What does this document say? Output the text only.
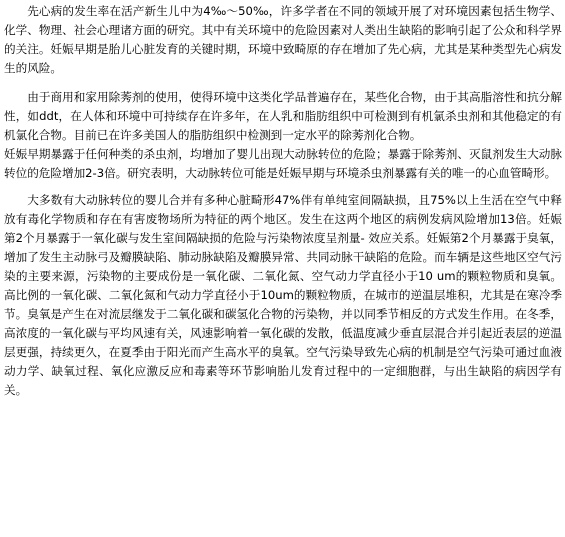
先心病的发生率在活产新生儿中为4‰～50‰，许多学者在不同的领域开展了对环境因素包括生物学、化学、物理、社会心理诸方面的研究。其中有关环境中的危险因素对人类出生缺陷的影响引起了公众和科学界的关注。妊娠早期是胎儿心脏发育的关键时期，环境中致畸原的存在增加了先心病，尤其是某种类型先心病发生的风险。

由于商用和家用除莠剂的使用，使得环境中这类化学品普遍存在，某些化合物，由于其高脂溶性和抗分解性，如ddt，在人体和环境中可持续存在许多年，在人乳和脂肪组织中可检测到有机氯杀虫剂和其他稳定的有机氯化合物。目前已在许多美国人的脂肪组织中检测到一定水平的除莠剂化合物。

妊娠早期暴露于任何种类的杀虫剂，均增加了婴儿出现大动脉转位的危险；暴露于除莠剂、灭鼠剂发生大动脉转位的危险增加2-3倍。研究表明，大动脉转位可能是妊娠早期与环境杀虫剂暴露有关的唯一的心血管畸形。

大多数有大动脉转位的婴儿合并有多种心脏畸形47%伴有单纯室间隔缺损，且75%以上生活在空气中释放有毒化学物质和存在有害废物场所为特征的两个地区。发生在这两个地区的病例发病风险增加13倍。妊娠第2个月暴露于一氧化碳与发生室间隔缺损的危险与污染物浓度呈剂量- 效应关系。妊娠第2个月暴露于臭氧，增加了发生主动脉弓及瓣膜缺陷、肺动脉缺陷及瓣膜异常、共同动脉干缺陷的危险。而车辆是这些地区空气污染的主要来源，污染物的主要成份是一氧化碳、二氧化氮、空气动力学直径小于10 um的颗粒物质和臭氧。高比例的一氧化碳、二氧化氮和气动力学直径小于10um的颗粒物质，在城市的逆温层堆积，尤其是在寒冷季节。臭氧是产生在对流层继发于二氧化碳和碳氢化合物的污染物，并以同季节相反的方式发生作用。在冬季，高浓度的一氧化碳与平均风速有关，风速影响着一氧化碳的发散，低温度减少垂直层混合并引起近表层的逆温层更强，持续更久，在夏季由于阳光而产生高水平的臭氧。空气污染导致先心病的机制是空气污染可通过血液动力学、缺氧过程、氧化应激反应和毒素等环节影响胎儿发育过程中的一定细胞群，与出生缺陷的病因学有关。
